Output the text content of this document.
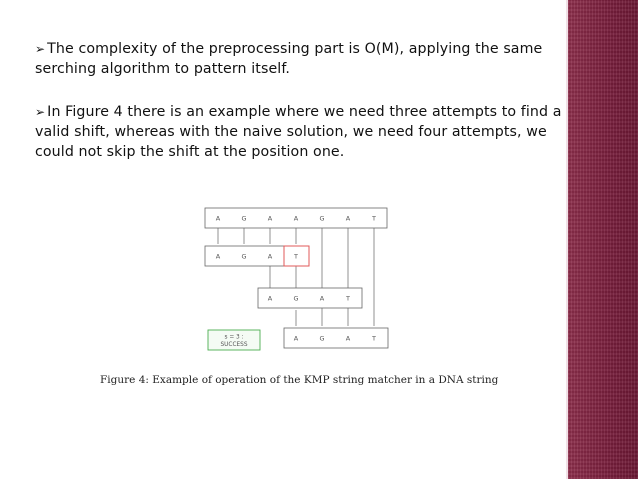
➢ The complexity of the preprocessing part is O(M), applying the same serching algorithm to pattern itself.
➢ In Figure 4 there is an example where we need three attempts to find a valid shift, whereas with the naive solution, we need four attempts, we could not skip the shift at the position one.
A	G	A	A	G	A	T
A	G	A	T
A	G	A	T
s = 3 :
SUCCESS
A	G	A	T
Figure 4: Example of operation of the KMP string matcher in a DNA string
